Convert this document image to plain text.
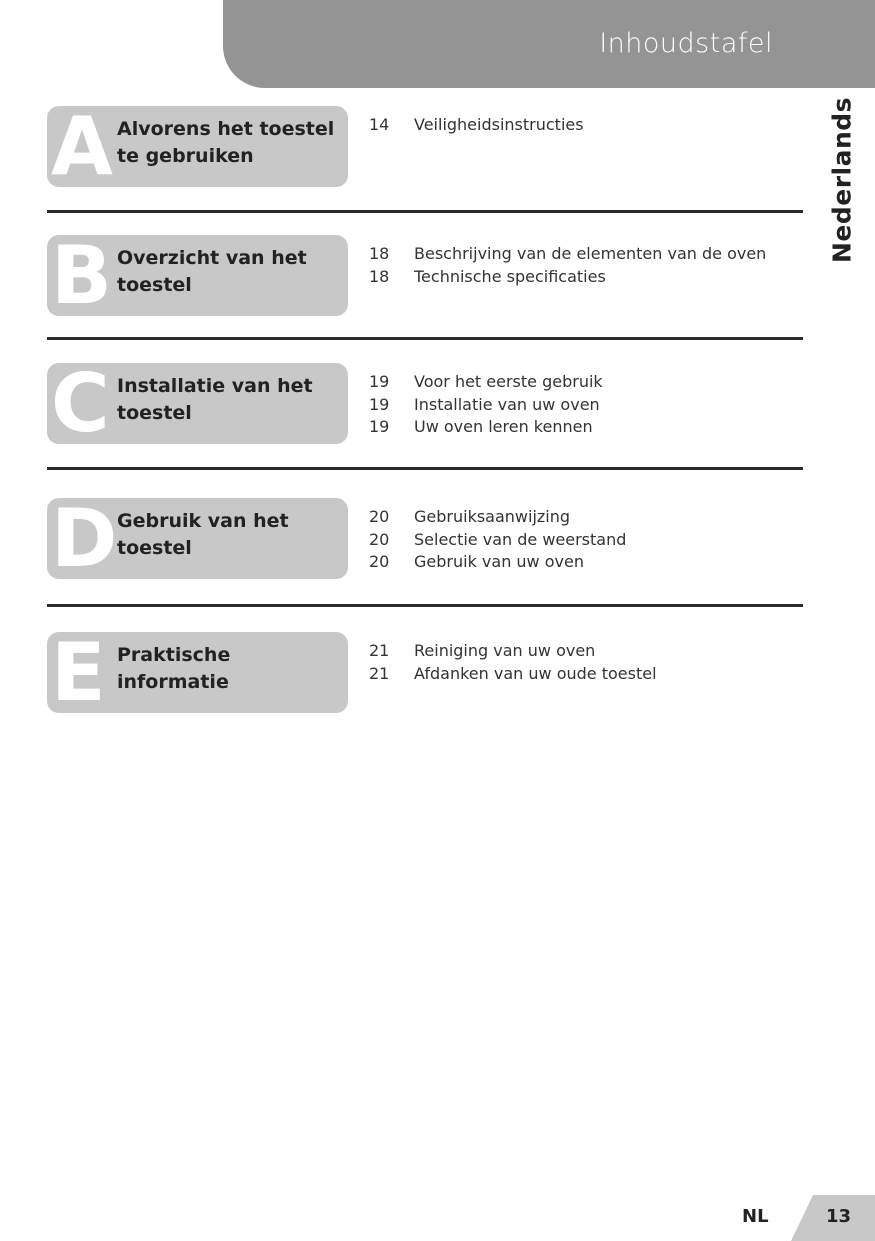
Inhoudstafel
Nederlands
A Alvorens het toestel te gebruiken
14 Veiligheidsinstructies
B Overzicht van het toestel
18 Beschrijving van de elementen van de oven
18 Technische specificaties
C Installatie van het toestel
19 Voor het eerste gebruik
19 Installatie van uw oven
19 Uw oven leren kennen
D Gebruik van het toestel
20 Gebruiksaanwijzing
20 Selectie van de weerstand
20 Gebruik van uw oven
E Praktische informatie
21 Reiniging van uw oven
21 Afdanken van uw oude toestel
NL	13
